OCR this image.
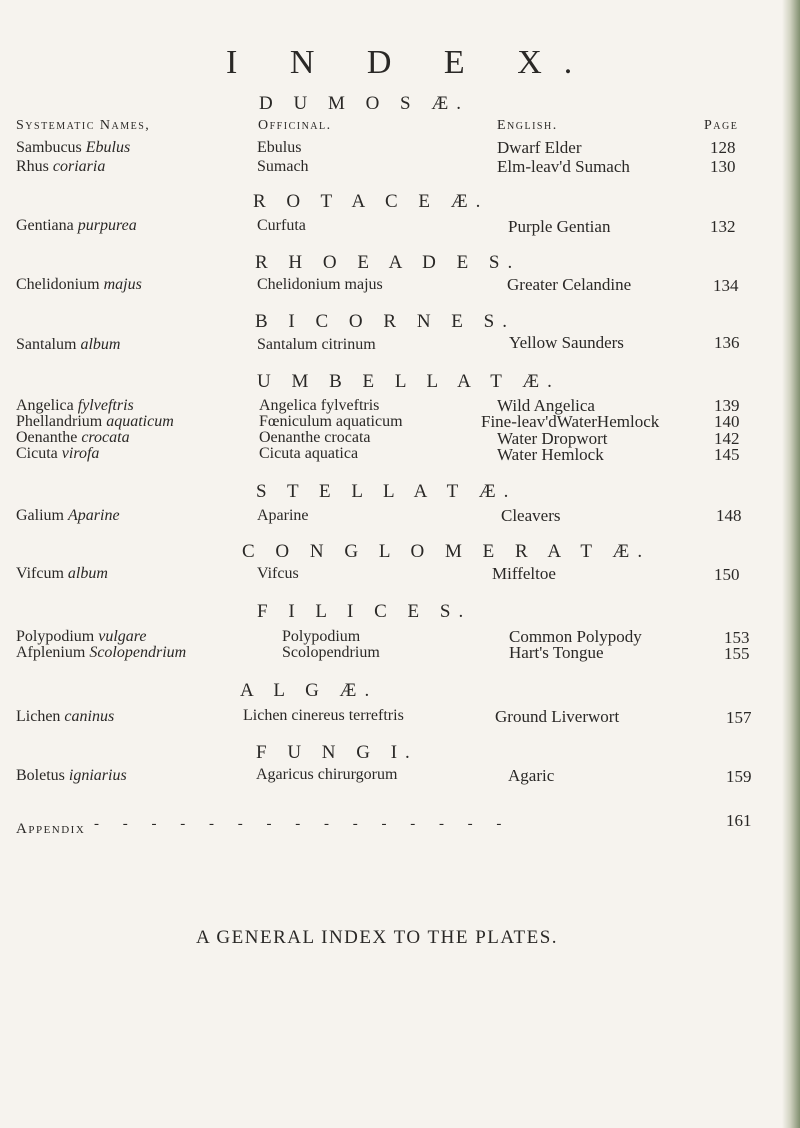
I N D E X.
Systematic Names,	Officinal.	English.	Page
D U M O S Æ.
Sambucus Ebulus	Ebulus	Dwarf Elder	128
Rhus coriaria	Sumach	Elm-leav'd Sumach	130
R O T A C E Æ.
Gentiana purpurea	Curfuta	Purple Gentian	132
R H O E A D E S.
Chelidonium majus	Chelidonium majus	Greater Celandine	134
B I C O R N E S.
Santalum album	Santalum citrinum	Yellow Saunders	136
U M B E L L A T Æ.
Angelica fylveftris	Angelica fylveftris	Wild Angelica	139
Phellandrium aquaticum	Fœniculum aquaticum	Fine-leav'dWaterHemlock	140
Oenanthe crocata	Oenanthe crocata	Water Dropwort	142
Cicuta virofa	Cicuta aquatica	Water Hemlock	145
S T E L L A T Æ.
Galium Aparine	Aparine	Cleavers	148
C O N G L O M E R A T Æ.
Vifcum album	Vifcus	Miffeltoe	150
F I L I C E S.
Polypodium vulgare	Polypodium	Common Polypody	153
Afplenium Scolopendrium	Scolopendrium	Hart's Tongue	155
A L G Æ.
Lichen caninus	Lichen cinereus terreftris	Ground Liverwort	157
F U N G I.
Boletus igniarius	Agaricus chirurgorum	Agaric	159
Appendix - - - - - - - - - - - - - - -	161
A GENERAL INDEX TO THE PLATES.
